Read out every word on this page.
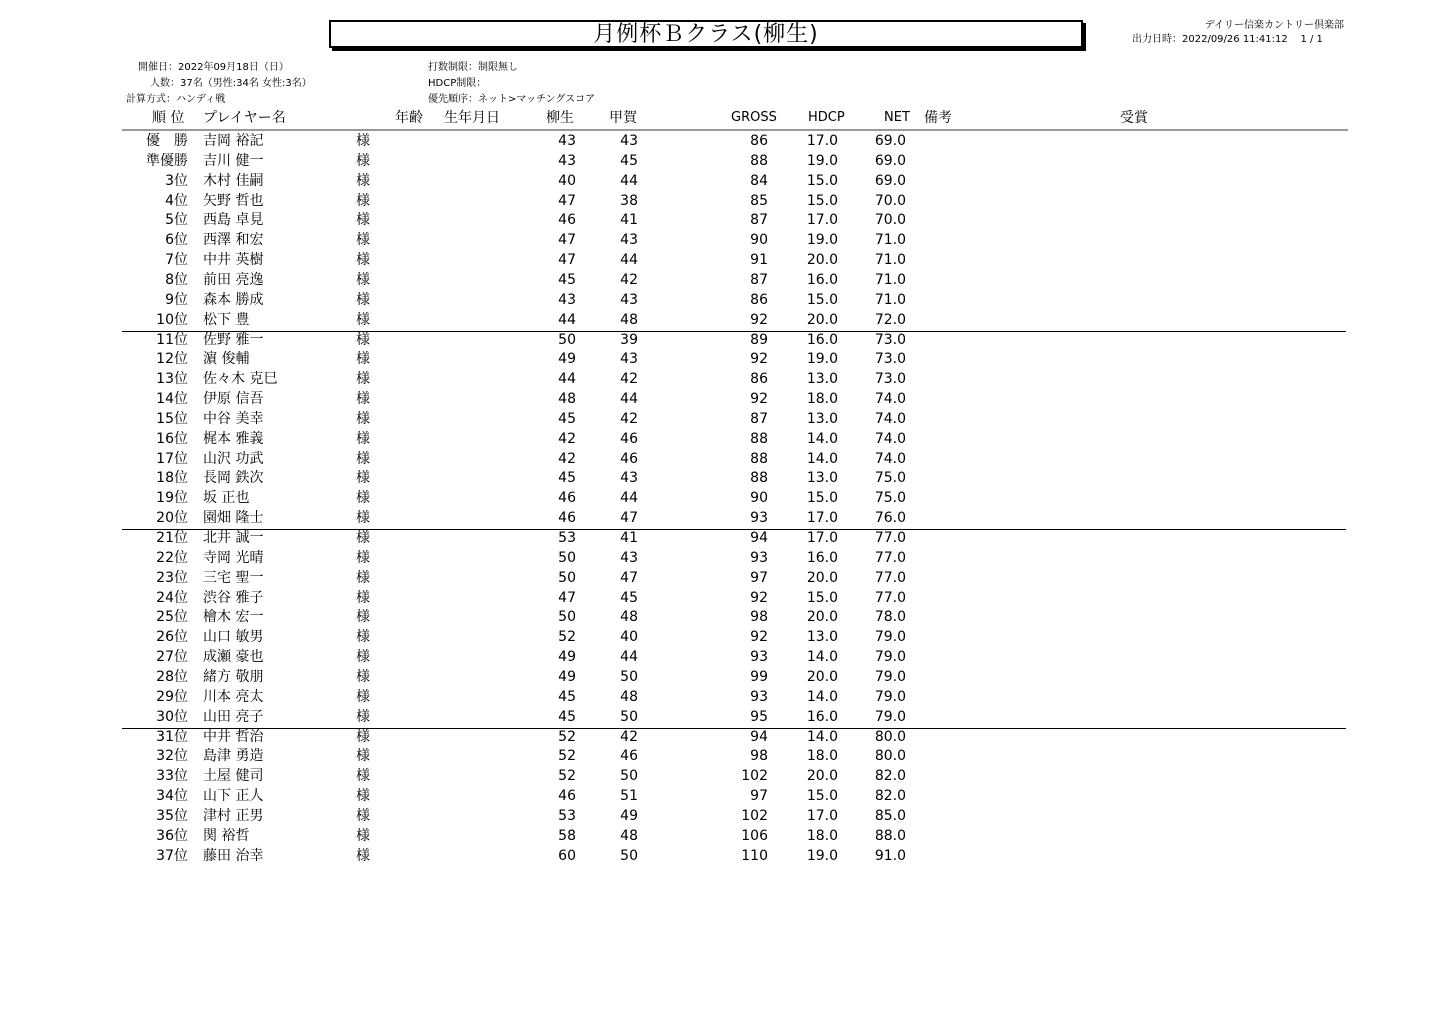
月例杯Ｂクラス(柳生)	デイリー信楽カントリー倶楽部
出力日時：2022/09/26 11:41:12 1 / 1
開催日：2022年09月18日（日）
人数：37名（男性:34名 女性:3名）
計算方式：ハンディ戦
打数制限：制限無し
HDCP制限：
優先順序：ネット>マッチングスコア
順 位 プレイヤー名	年齢 生年月日	柳生	甲賀	GROSS HDCP	NET 備考	受賞
優　勝 吉岡 裕記	様	43	43	86	17.0	69.0
準優勝 吉川 健一	様	43	45	88	19.0	69.0
3位 木村 佳嗣	様	40	44	84	15.0	69.0
4位 矢野 哲也	様	47	38	85	15.0	70.0
5位 西島 卓見	様	46	41	87	17.0	70.0
6位 西澤 和宏	様	47	43	90	19.0	71.0
7位 中井 英樹	様	47	44	91	20.0	71.0
8位 前田 亮逸	様	45	42	87	16.0	71.0
9位 森本 勝成	様	43	43	86	15.0	71.0
10位 松下 豊	様	44	48	92	20.0	72.0
11位 佐野 雅一	様	50	39	89	16.0	73.0
12位 濵 俊輔	様	49	43	92	19.0	73.0
13位 佐々木 克巳	様	44	42	86	13.0	73.0
14位 伊原 信吾	様	48	44	92	18.0	74.0
15位 中谷 美幸	様	45	42	87	13.0	74.0
16位 梶本 雅義	様	42	46	88	14.0	74.0
17位 山沢 功武	様	42	46	88	14.0	74.0
18位 長岡 鉄次	様	45	43	88	13.0	75.0
19位 坂 正也	様	46	44	90	15.0	75.0
20位 園畑 隆士	様	46	47	93	17.0	76.0
21位 北井 誠一	様	53	41	94	17.0	77.0
22位 寺岡 光晴	様	50	43	93	16.0	77.0
23位 三宅 聖一	様	50	47	97	20.0	77.0
24位 渋谷 雅子	様	47	45	92	15.0	77.0
25位 檜木 宏一	様	50	48	98	20.0	78.0
26位 山口 敏男	様	52	40	92	13.0	79.0
27位 成瀬 豪也	様	49	44	93	14.0	79.0
28位 緒方 敬朋	様	49	50	99	20.0	79.0
29位 川本 亮太	様	45	48	93	14.0	79.0
30位 山田 亮子	様	45	50	95	16.0	79.0
31位 中井 哲治	様	52	42	94	14.0	80.0
32位 島津 勇造	様	52	46	98	18.0	80.0
33位 土屋 健司	様	52	50	102	20.0	82.0
34位 山下 正人	様	46	51	97	15.0	82.0
35位 津村 正男	様	53	49	102	17.0	85.0
36位 関 裕哲	様	58	48	106	18.0	88.0
37位 藤田 治幸	様	60	50	110	19.0	91.0
